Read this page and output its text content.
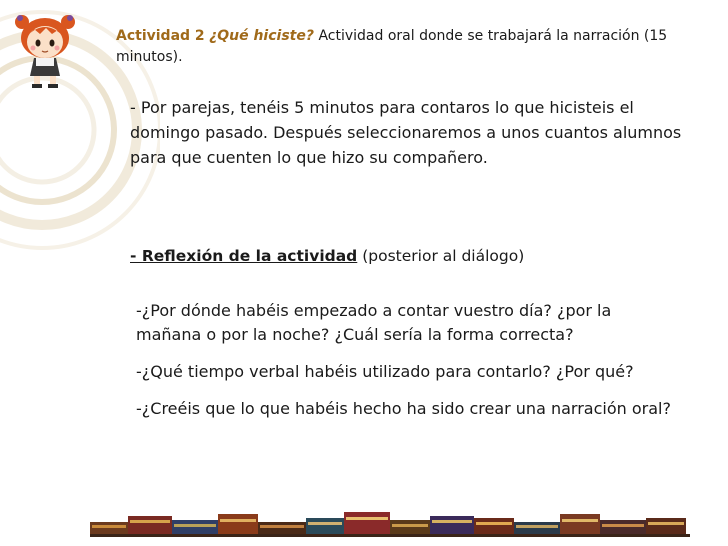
Actividad 2 ¿Qué hiciste? Actividad oral donde se trabajará la narración (15 minutos).
- Por parejas, tenéis 5 minutos para contaros lo que hicisteis el domingo pasado. Después seleccionaremos a unos cuantos alumnos para que cuenten lo que hizo su compañero.
- Reflexión de la actividad (posterior al diálogo)
-¿Por dónde habéis empezado a contar vuestro día? ¿por la mañana o por la noche? ¿Cuál sería la forma correcta?
-¿Qué tiempo verbal habéis utilizado para contarlo? ¿Por qué?
-¿Creéis que lo que habéis hecho ha sido crear una narración oral?
